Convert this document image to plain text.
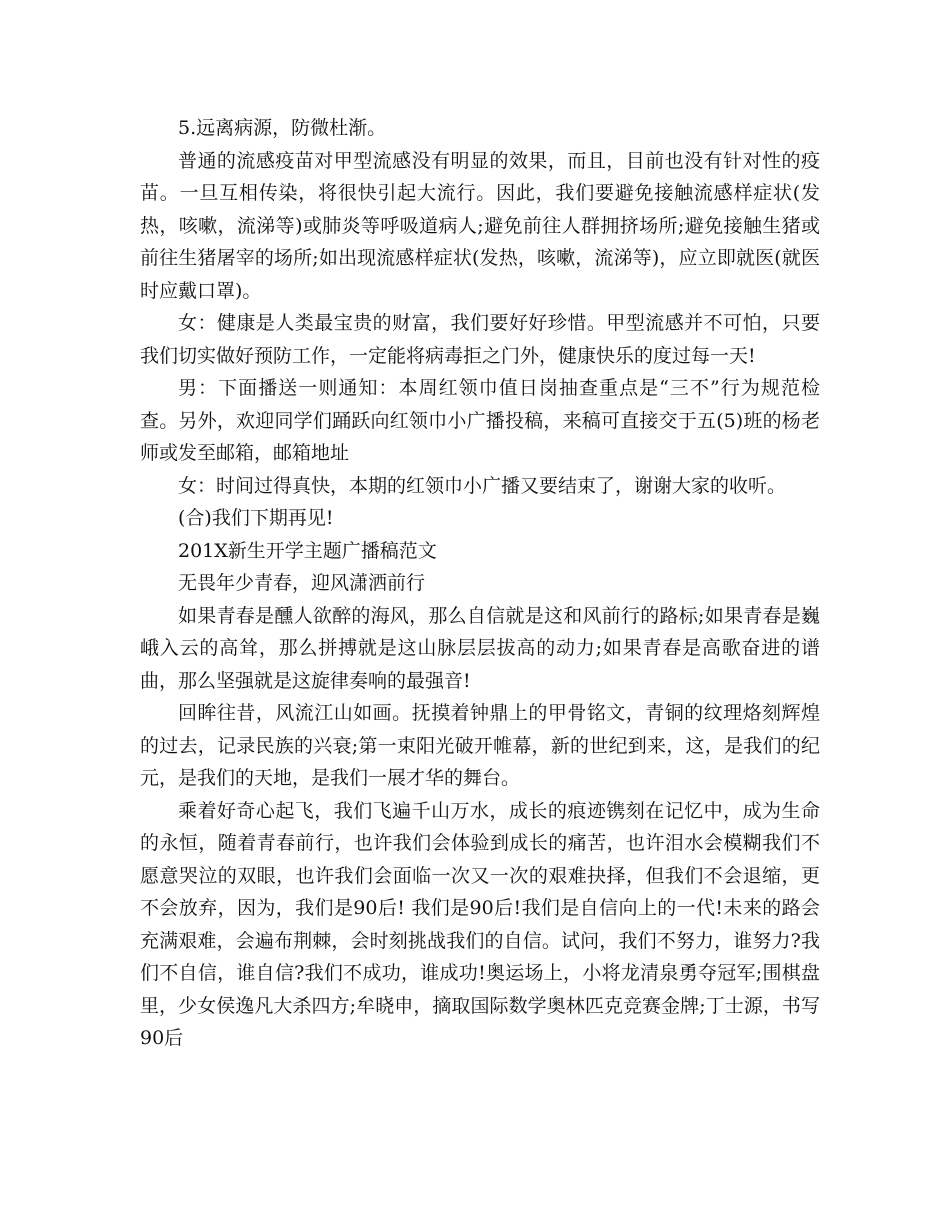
5.远离病源，防微杜渐。

普通的流感疫苗对甲型流感没有明显的效果，而且，目前也没有针对性的疫苗。一旦互相传染，将很快引起大流行。因此，我们要避免接触流感样症状(发热，咳嗽，流涕等)或肺炎等呼吸道病人;避免前往人群拥挤场所;避免接触生猪或前往生猪屠宰的场所;如出现流感样症状(发热，咳嗽，流涕等)，应立即就医(就医时应戴口罩)。

女：健康是人类最宝贵的财富，我们要好好珍惜。甲型流感并不可怕，只要我们切实做好预防工作，一定能将病毒拒之门外，健康快乐的度过每一天!

男：下面播送一则通知：本周红领巾值日岗抽查重点是“三不”行为规范检查。另外，欢迎同学们踊跃向红领巾小广播投稿，来稿可直接交于五(5)班的杨老师或发至邮箱，邮箱地址

女：时间过得真快，本期的红领巾小广播又要结束了，谢谢大家的收听。

(合)我们下期再见!

201X新生开学主题广播稿范文

无畏年少青春，迎风潇洒前行

如果青春是醺人欲醉的海风，那么自信就是这和风前行的路标;如果青春是巍峨入云的高耸，那么拼搏就是这山脉层层拔高的动力;如果青春是高歌奋进的谱曲，那么坚强就是这旋律奏响的最强音!

回眸往昔，风流江山如画。抚摸着钟鼎上的甲骨铭文，青铜的纹理烙刻辉煌的过去，记录民族的兴衰;第一束阳光破开帷幕，新的世纪到来，这，是我们的纪元，是我们的天地，是我们一展才华的舞台。

乘着好奇心起飞，我们飞遍千山万水，成长的痕迹镌刻在记忆中，成为生命的永恒，随着青春前行，也许我们会体验到成长的痛苦，也许泪水会模糊我们不愿意哭泣的双眼，也许我们会面临一次又一次的艰难抉择，但我们不会退缩，更不会放弃，因为，我们是90后! 我们是90后!我们是自信向上的一代!未来的路会充满艰难，会遍布荆棘，会时刻挑战我们的自信。试问，我们不努力，谁努力?我们不自信，谁自信?我们不成功，谁成功!奥运场上，小将龙清泉勇夺冠军;围棋盘里，少女侯逸凡大杀四方;牟晓申，摘取国际数学奥林匹克竞赛金牌;丁士源，书写90后
